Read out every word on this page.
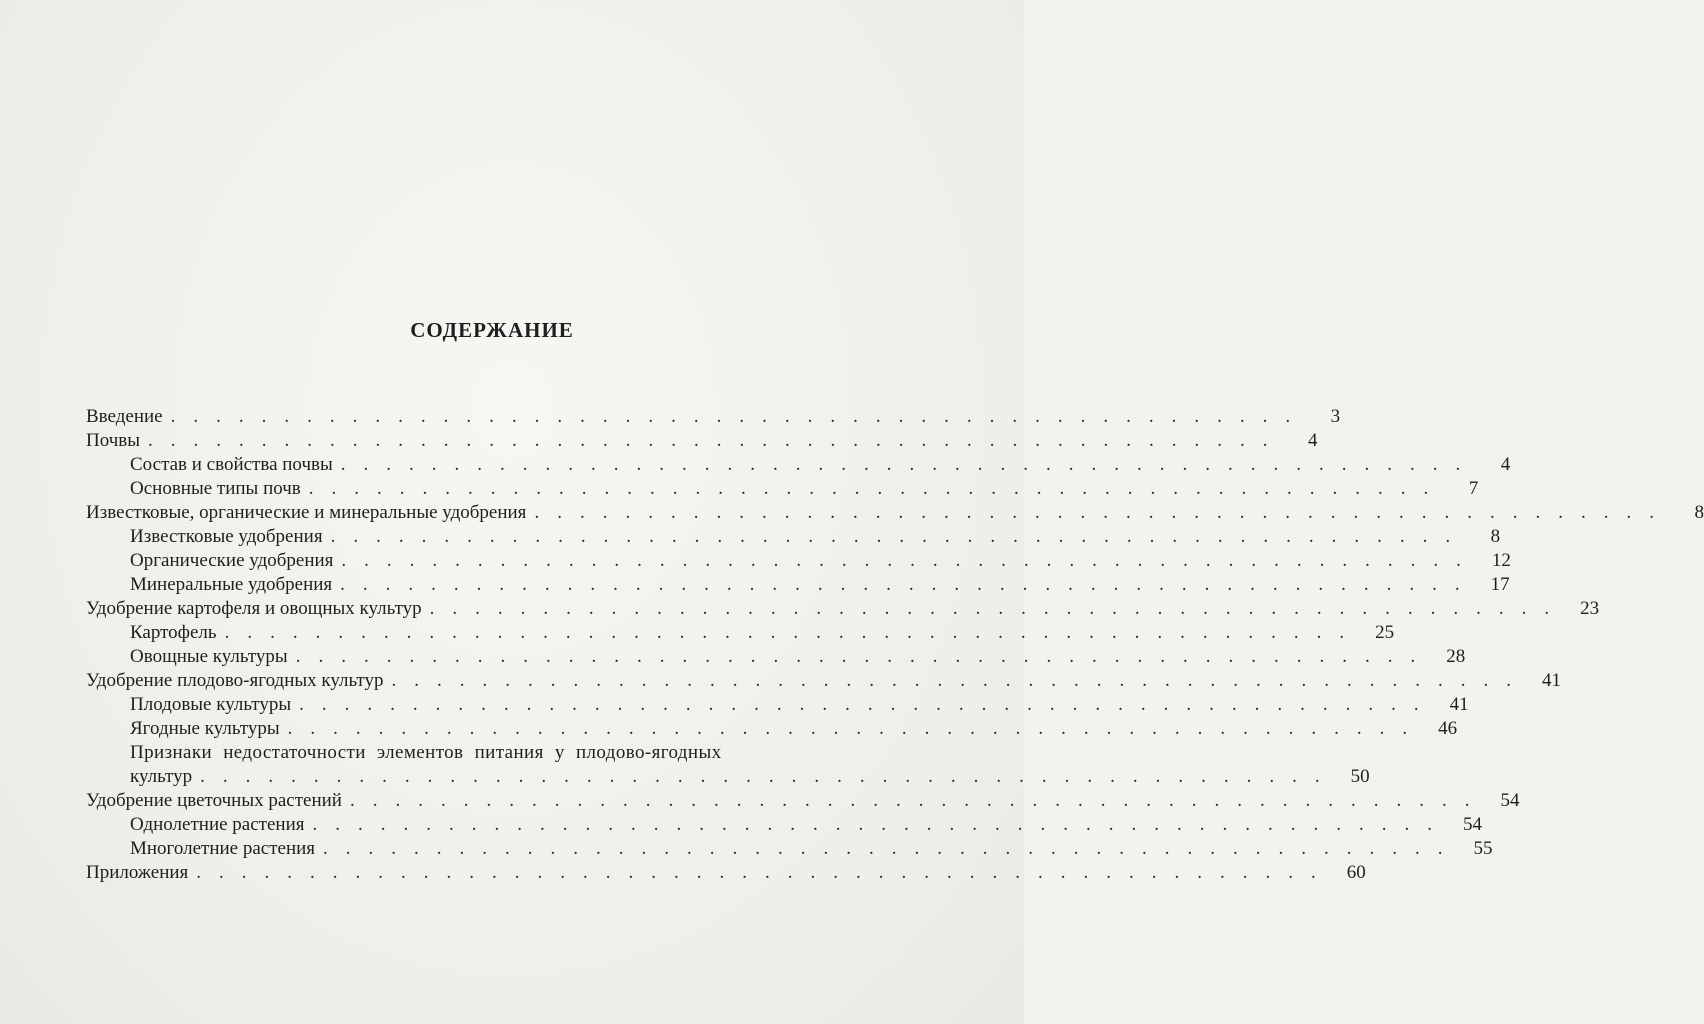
СОДЕРЖАНИЕ
Введение ..................................................	3
Почвы ..................................................	4
Состав и свойства почвы ..................................................	4
Основные типы почв ..................................................	7
Известковые, органические и минеральные удобрения ..................................................	8
Известковые удобрения ..................................................	8
Органические удобрения .................................................. 12
Минеральные удобрения .................................................. 17
Удобрение картофеля и овощных культур .................................................. 23
Картофель .................................................. 25
Овощные культуры .................................................. 28
Удобрение плодово-ягодных культур .................................................. 41
Плодовые культуры .................................................. 41
Ягодные культуры .................................................. 46
Признаки недостаточности элементов питания у плодово-ягодных
культур .................................................. 50
Удобрение цветочных растений .................................................. 54
Однолетние растения .................................................. 54
Многолетние растения .................................................. 55
Приложения .................................................. 60
